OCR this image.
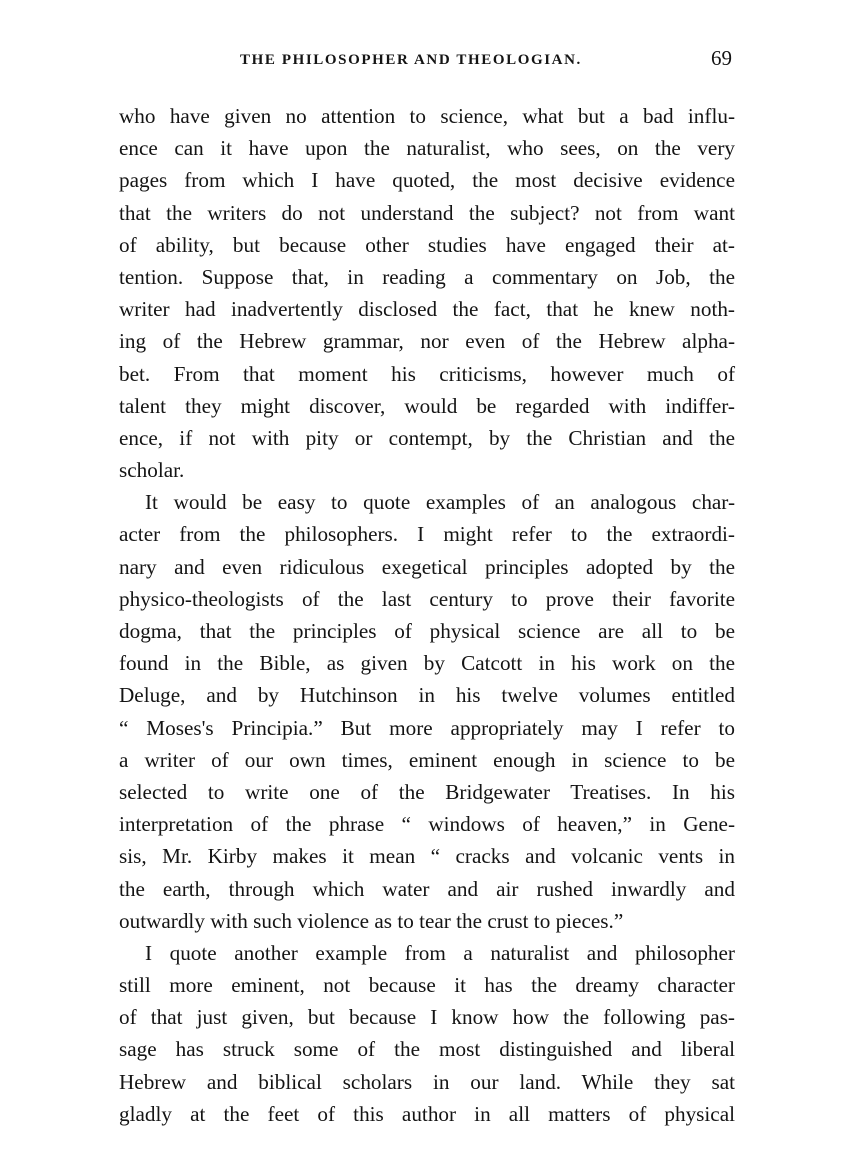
THE PHILOSOPHER AND THEOLOGIAN.	69
who have given no attention to science, what but a bad influ-
ence can it have upon the naturalist, who sees, on the very
pages from which I have quoted, the most decisive evidence
that the writers do not understand the subject? not from want
of ability, but because other studies have engaged their at-
tention. Suppose that, in reading a commentary on Job, the
writer had inadvertently disclosed the fact, that he knew noth-
ing of the Hebrew grammar, nor even of the Hebrew alpha-
bet. From that moment his criticisms, however much of
talent they might discover, would be regarded with indiffer-
ence, if not with pity or contempt, by the Christian and the
scholar.
It would be easy to quote examples of an analogous char-
acter from the philosophers. I might refer to the extraordi-
nary and even ridiculous exegetical principles adopted by the
physico-theologists of the last century to prove their favorite
dogma, that the principles of physical science are all to be
found in the Bible, as given by Catcott in his work on the
Deluge, and by Hutchinson in his twelve volumes entitled
“ Moses's Principia.” But more appropriately may I refer to
a writer of our own times, eminent enough in science to be
selected to write one of the Bridgewater Treatises. In his
interpretation of the phrase “ windows of heaven,” in Gene-
sis, Mr. Kirby makes it mean “ cracks and volcanic vents in
the earth, through which water and air rushed inwardly and
outwardly with such violence as to tear the crust to pieces.”
I quote another example from a naturalist and philosopher
still more eminent, not because it has the dreamy character
of that just given, but because I know how the following pas-
sage has struck some of the most distinguished and liberal
Hebrew and biblical scholars in our land. While they sat
gladly at the feet of this author in all matters of physical
